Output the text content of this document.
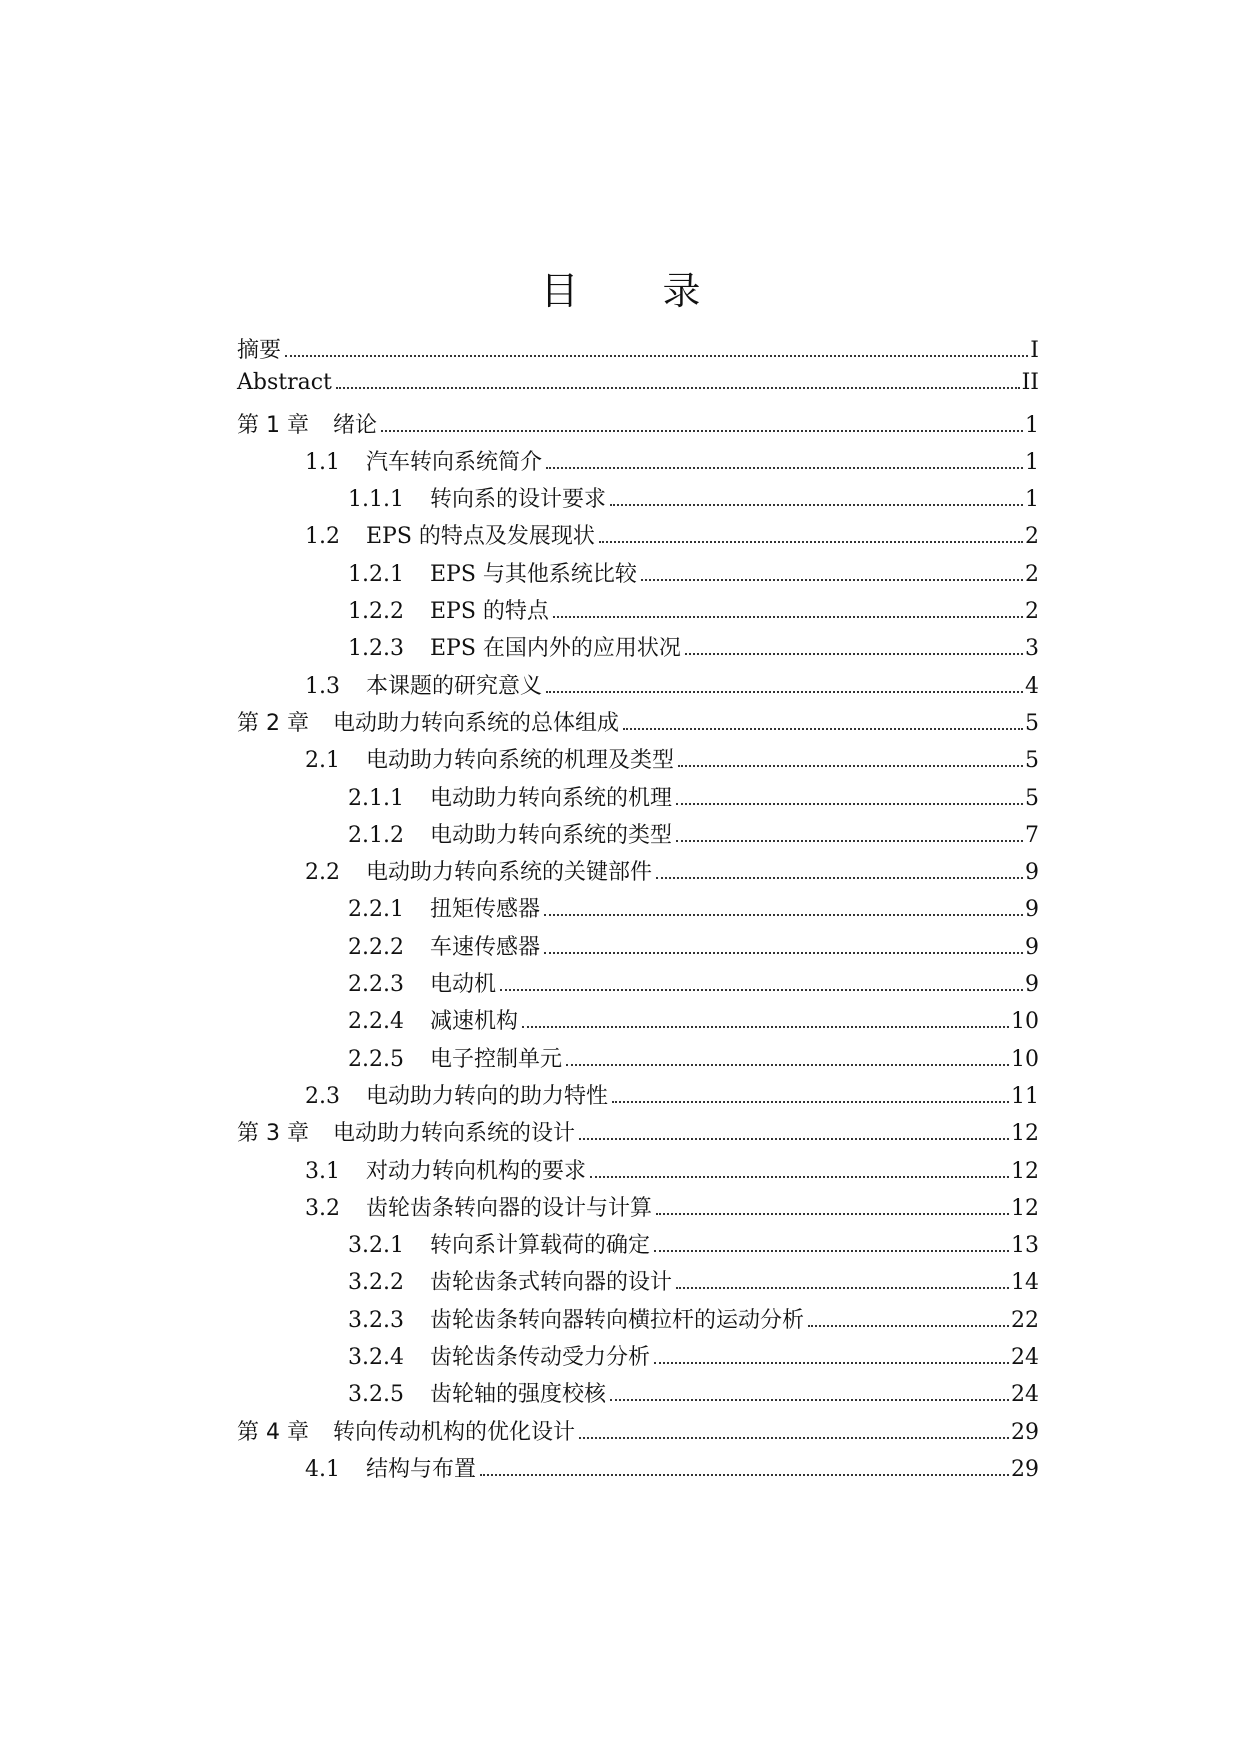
目 录
摘要	I
Abstract	II
第 1 章 绪论	1
1.1 汽车转向系统简介	1
1.1.1 转向系的设计要求	1
1.2 EPS 的特点及发展现状	2
1.2.1 EPS 与其他系统比较	2
1.2.2 EPS 的特点	2
1.2.3 EPS 在国内外的应用状况	3
1.3 本课题的研究意义	4
第 2 章 电动助力转向系统的总体组成	5
2.1 电动助力转向系统的机理及类型	5
2.1.1 电动助力转向系统的机理	5
2.1.2 电动助力转向系统的类型	7
2.2 电动助力转向系统的关键部件	9
2.2.1 扭矩传感器	9
2.2.2 车速传感器	9
2.2.3 电动机	9
2.2.4 减速机构	10
2.2.5 电子控制单元	10
2.3 电动助力转向的助力特性	11
第 3 章 电动助力转向系统的设计	12
3.1 对动力转向机构的要求	12
3.2 齿轮齿条转向器的设计与计算	12
3.2.1 转向系计算载荷的确定	13
3.2.2 齿轮齿条式转向器的设计	14
3.2.3 齿轮齿条转向器转向横拉杆的运动分析	22
3.2.4 齿轮齿条传动受力分析	24
3.2.5 齿轮轴的强度校核	24
第 4 章 转向传动机构的优化设计	29
4.1 结构与布置	29
